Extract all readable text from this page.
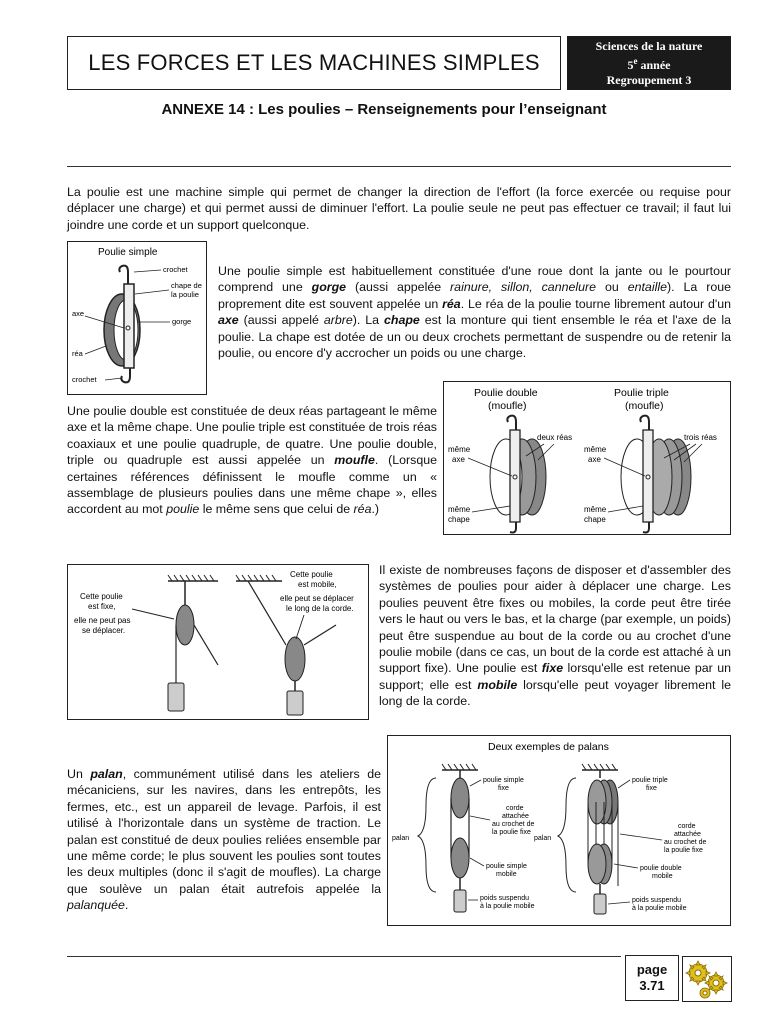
LES FORCES ET LES MACHINES SIMPLES
Sciences de la nature
5e année
Regroupement 3
ANNEXE 14 : Les poulies – Renseignements pour l’enseignant

La poulie est une machine simple qui permet de changer la direction de l'effort (la force exercée ou requise pour déplacer une charge) et qui permet aussi de diminuer l'effort. La poulie seule ne peut pas effectuer ce travail; il faut lui joindre une corde et un support quelconque.

Poulie simple
crochet
chape de
la poulie
axe
gorge
réa
crochet

Une poulie simple est habituellement constituée d'une roue dont la jante ou le pourtour comprend une gorge (aussi appelée rainure, sillon, cannelure ou entaille). La roue proprement dite est souvent appelée un réa. Le réa de la poulie tourne librement autour d'un axe (aussi appelé arbre). La chape est la monture qui tient ensemble le réa et l'axe de la poulie. La chape est dotée de un ou deux crochets permettant de suspendre ou de retenir la poulie, ou encore d'y accrocher un poids ou une charge.

Poulie double
(moufle)
Poulie triple
(moufle)
deux réas
même
axe
même
chape
trois réas
même
axe
même
chape

Une poulie double est constituée de deux réas partageant le même axe et la même chape. Une poulie triple est constituée de trois réas coaxiaux et une poulie quadruple, de quatre. Une poulie double, triple ou quadruple est aussi appelée un moufle. (Lorsque certaines références définissent le moufle comme un « assemblage de plusieurs poulies dans une même chape », elles accordent au mot poulie le même sens que celui de réa.)

Cette poulie
est fixe,
elle ne peut pas
se déplacer.
Cette poulie
est mobile,
elle peut se déplacer
le long de la corde.

Il existe de nombreuses façons de disposer et d'assembler des systèmes de poulies pour aider à déplacer une charge. Les poulies peuvent être fixes ou mobiles, la corde peut être tirée vers le haut ou vers le bas, et la charge (par exemple, un poids) peut être suspendue au bout de la corde ou au crochet d'une poulie mobile (dans ce cas, un bout de la corde est attaché à un support fixe). Une poulie est fixe lorsqu'elle est retenue par un support; elle est mobile lorsqu'elle peut voyager librement le long de la corde.

Deux exemples de palans
palan
poulie simple
fixe
corde
attachée
au crochet de
la poulie fixe
poulie simple
mobile
poids suspendu
à la poulie mobile
palan
poulie triple
fixe
corde
attachée
au crochet de
la poulie fixe
poulie double
mobile
poids suspendu
à la poulie mobile

Un palan, communément utilisé dans les ateliers de mécaniciens, sur les navires, dans les entrepôts, les fermes, etc., est un appareil de levage. Parfois, il est utilisé à l'horizontale dans un système de traction. Le palan est constitué de deux poulies reliées ensemble par une même corde; le plus souvent les poulies sont toutes les deux multiples (donc il s'agit de moufles). La charge que soulève un palan était autrefois appelée la palanquée.

page
3.71
